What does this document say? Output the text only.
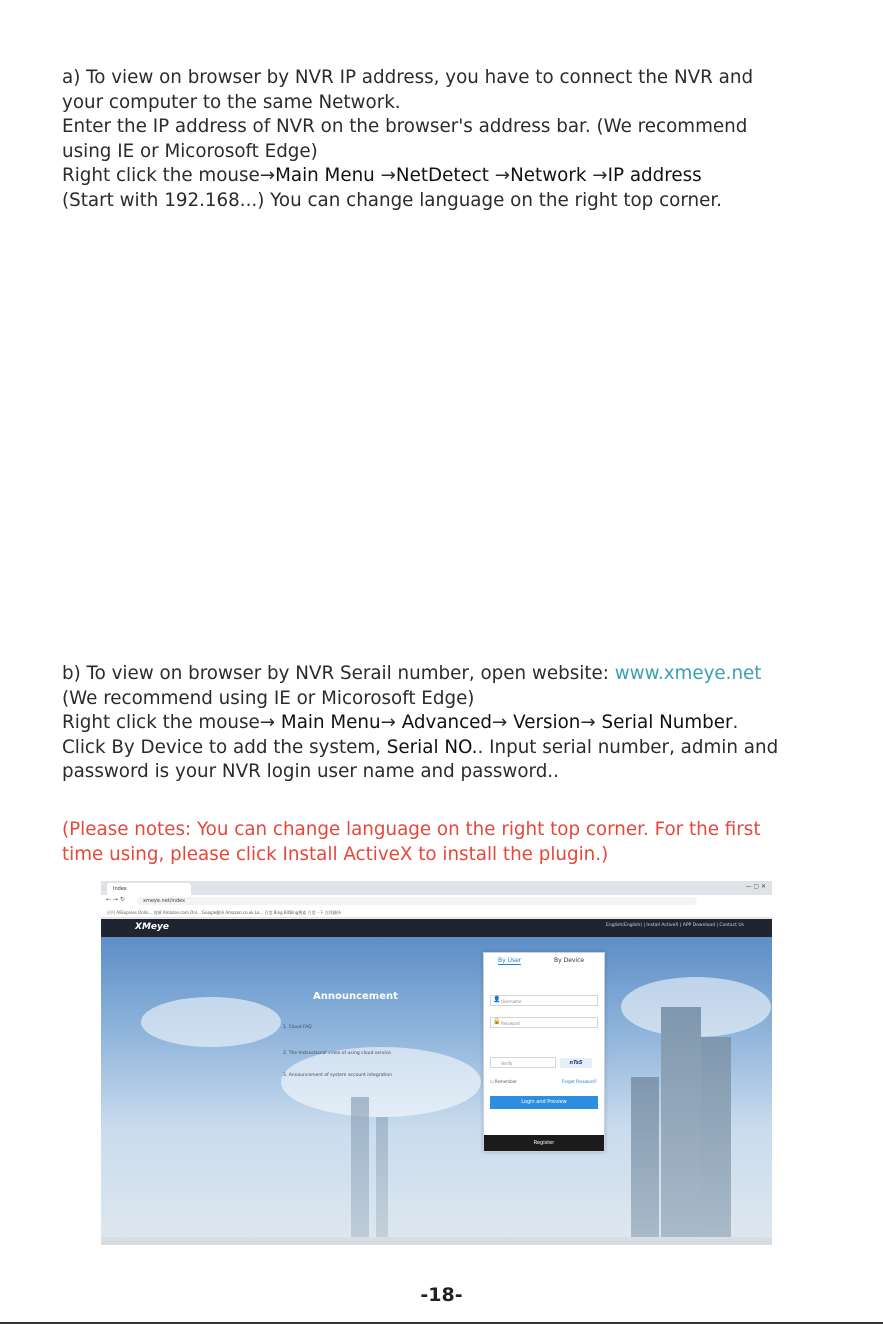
a) To view on browser by NVR IP address, you have to connect the NVR and

your computer to the same Network.

Enter the IP address of NVR on the browser's address bar. (We recommend

using IE or Micorosoft Edge)

Right click the mouse→Main Menu →NetDetect →Network →IP address

(Start with 192.168...) You can change language on the right top corner.

b) To view on browser by NVR Serail number, open website: www.xmeye.net

(We recommend using IE or Micorosoft Edge)

Right click the mouse→ Main Menu→ Advanced→ Version→ Serial Number.

Click By Device to add the system, Serial NO.. Input serial number, admin and

password is your NVR login user name and password..

(Please notes: You can change language on the right top corner. For the first

time using, please click Install ActiveX to install the plugin.)

Index	— ▢ ✕
← → ↻	xmeye.net/index
应用 AliExpress Onlin... 商城 Amazon.com Onl... Google翻译 Amazon.co.uk Lo... 百度 Bing BitBing搜索 百度一下 在线翻译
XMeye	English(English) | Install ActiveX | APP Download | Contact Us
Announcement
1. Cloud FAQ
2. The Instructional video of using cloud service
3. Announcement of system account integration
By User	By Device
Username
👤
Password
🔒
Verify	nTsS
☐ Remember	Forget Password?
Login and Preview
Register
-18-
